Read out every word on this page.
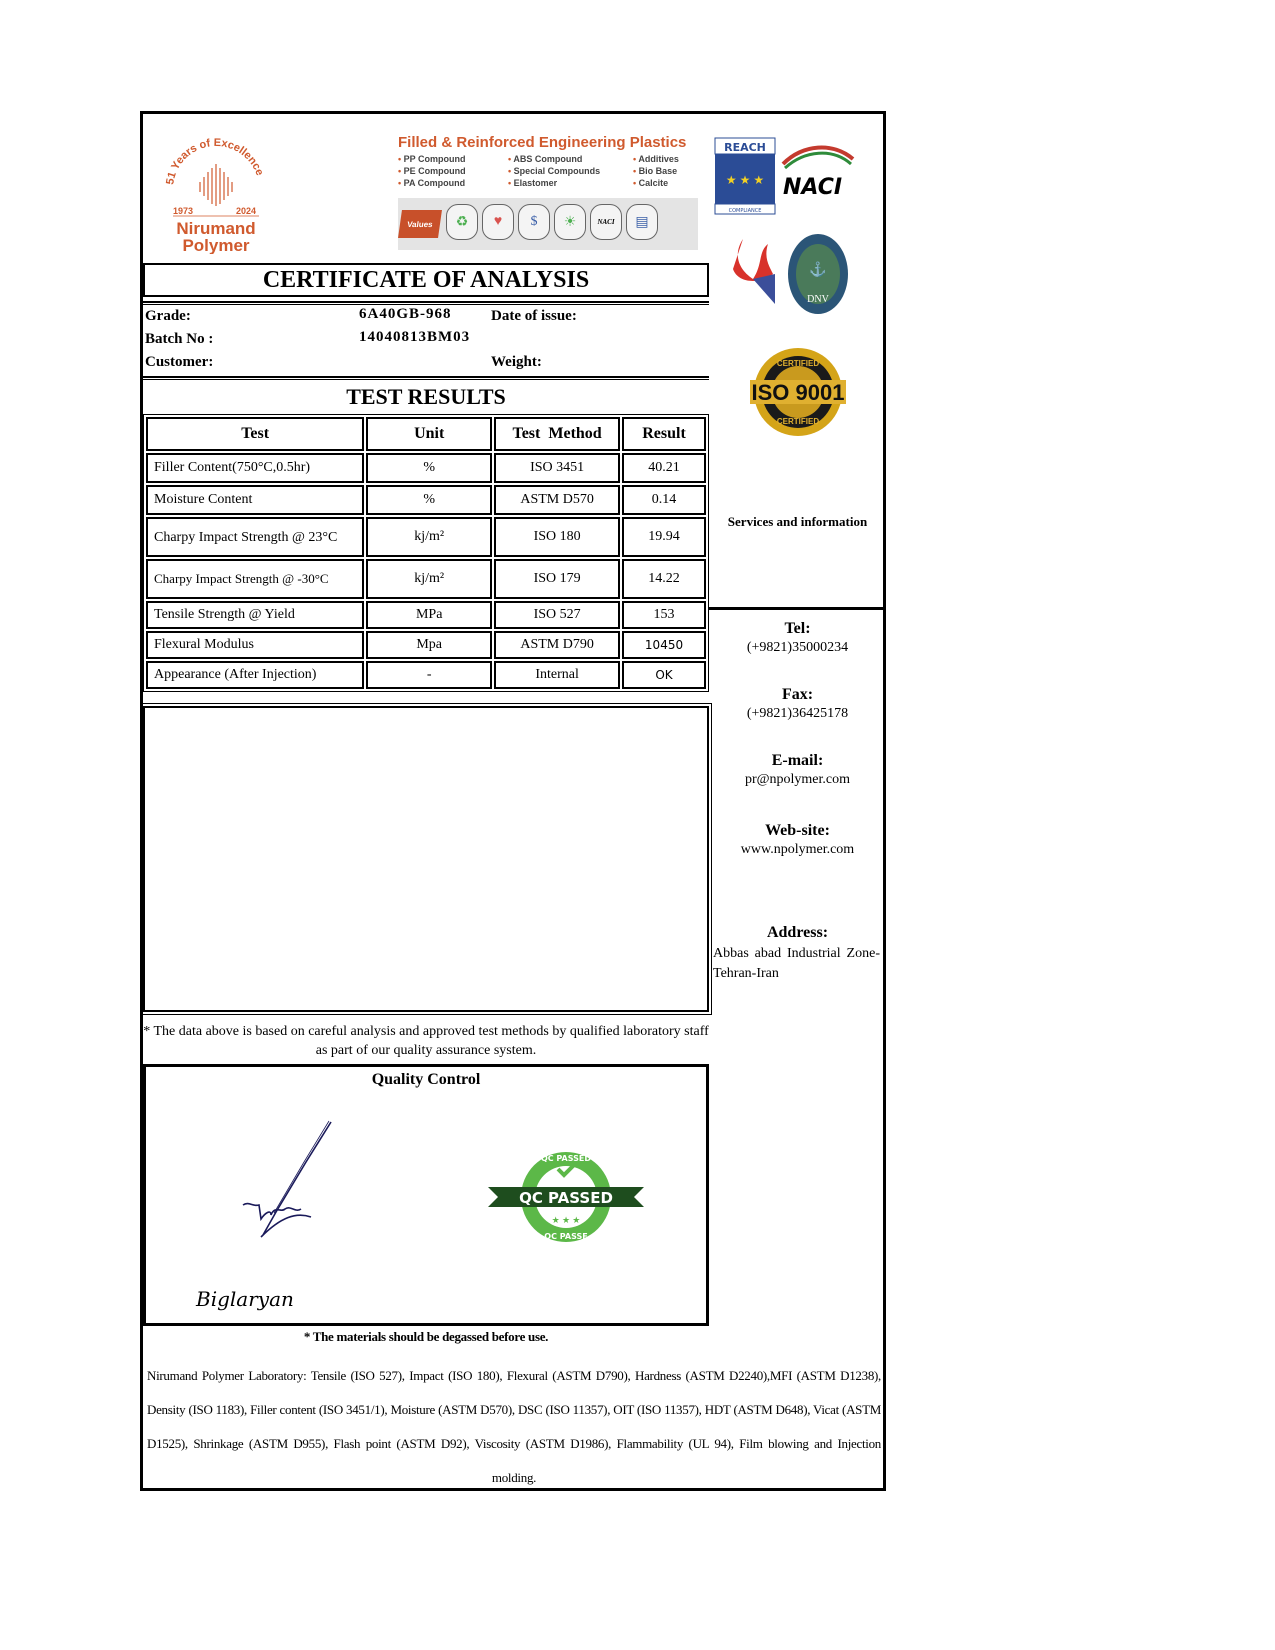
51 Years of Excellence
1973	2024
Nirumand
Polymer
Filled & Reinforced Engineering Plastics
• PP Compound	• ABS Compound	• Additives
• PE Compound	• Special Compounds	• Bio Base
• PA Compound	• Elastomer	• Calcite
Values	♻	♥	$	☀	NACI	▤
CERTIFICATE OF ANALYSIS
Grade:	6A40GB-968	Date of issue:
Batch No :	14040813BM03
Customer:	Weight:
TEST RESULTS
Test	Unit	Test  Method	Result
Filler Content(750°C,0.5hr)	%	ISO 3451	40.21
Moisture Content	%	ASTM D570	0.14
Charpy Impact Strength @ 23°C	kj/m²	ISO 180	19.94
Charpy Impact Strength @ -30°C	kj/m²	ISO 179	14.22
Tensile Strength @ Yield	MPa	ISO 527	153
Flexural Modulus	Mpa	ASTM D790	10450
Appearance (After Injection)	-	Internal	OK
* The data above is based on careful analysis and approved test methods by qualified laboratory staff as part of our quality assurance system.
Quality Control
Biglaryan
QC PASSED
QC PASSED
QC PASSE
★ ★ ★
* The materials should be degassed before use.
Nirumand Polymer Laboratory: Tensile (ISO 527), Impact (ISO 180), Flexural (ASTM D790), Hardness (ASTM D2240),MFI (ASTM D1238), Density (ISO 1183), Filler content (ISO 3451/1), Moisture (ASTM D570), DSC (ISO 11357), OIT (ISO 11357), HDT (ASTM D648), Vicat (ASTM D1525), Shrinkage (ASTM D955), Flash point (ASTM D92), Viscosity (ASTM D1986), Flammability (UL 94), Film blowing and Injection molding.
REACH
★ ★ ★
COMPLIANCE
NACI
⚓
DNV
ISO 9001
CERTIFIED
CERTIFIED
Services and information
Tel:
(+9821)35000234
Fax:
(+9821)36425178
E-mail:
pr@npolymer.com
Web-site:
www.npolymer.com
Address:
Abbas abad Industrial Zone-Tehran-Iran
